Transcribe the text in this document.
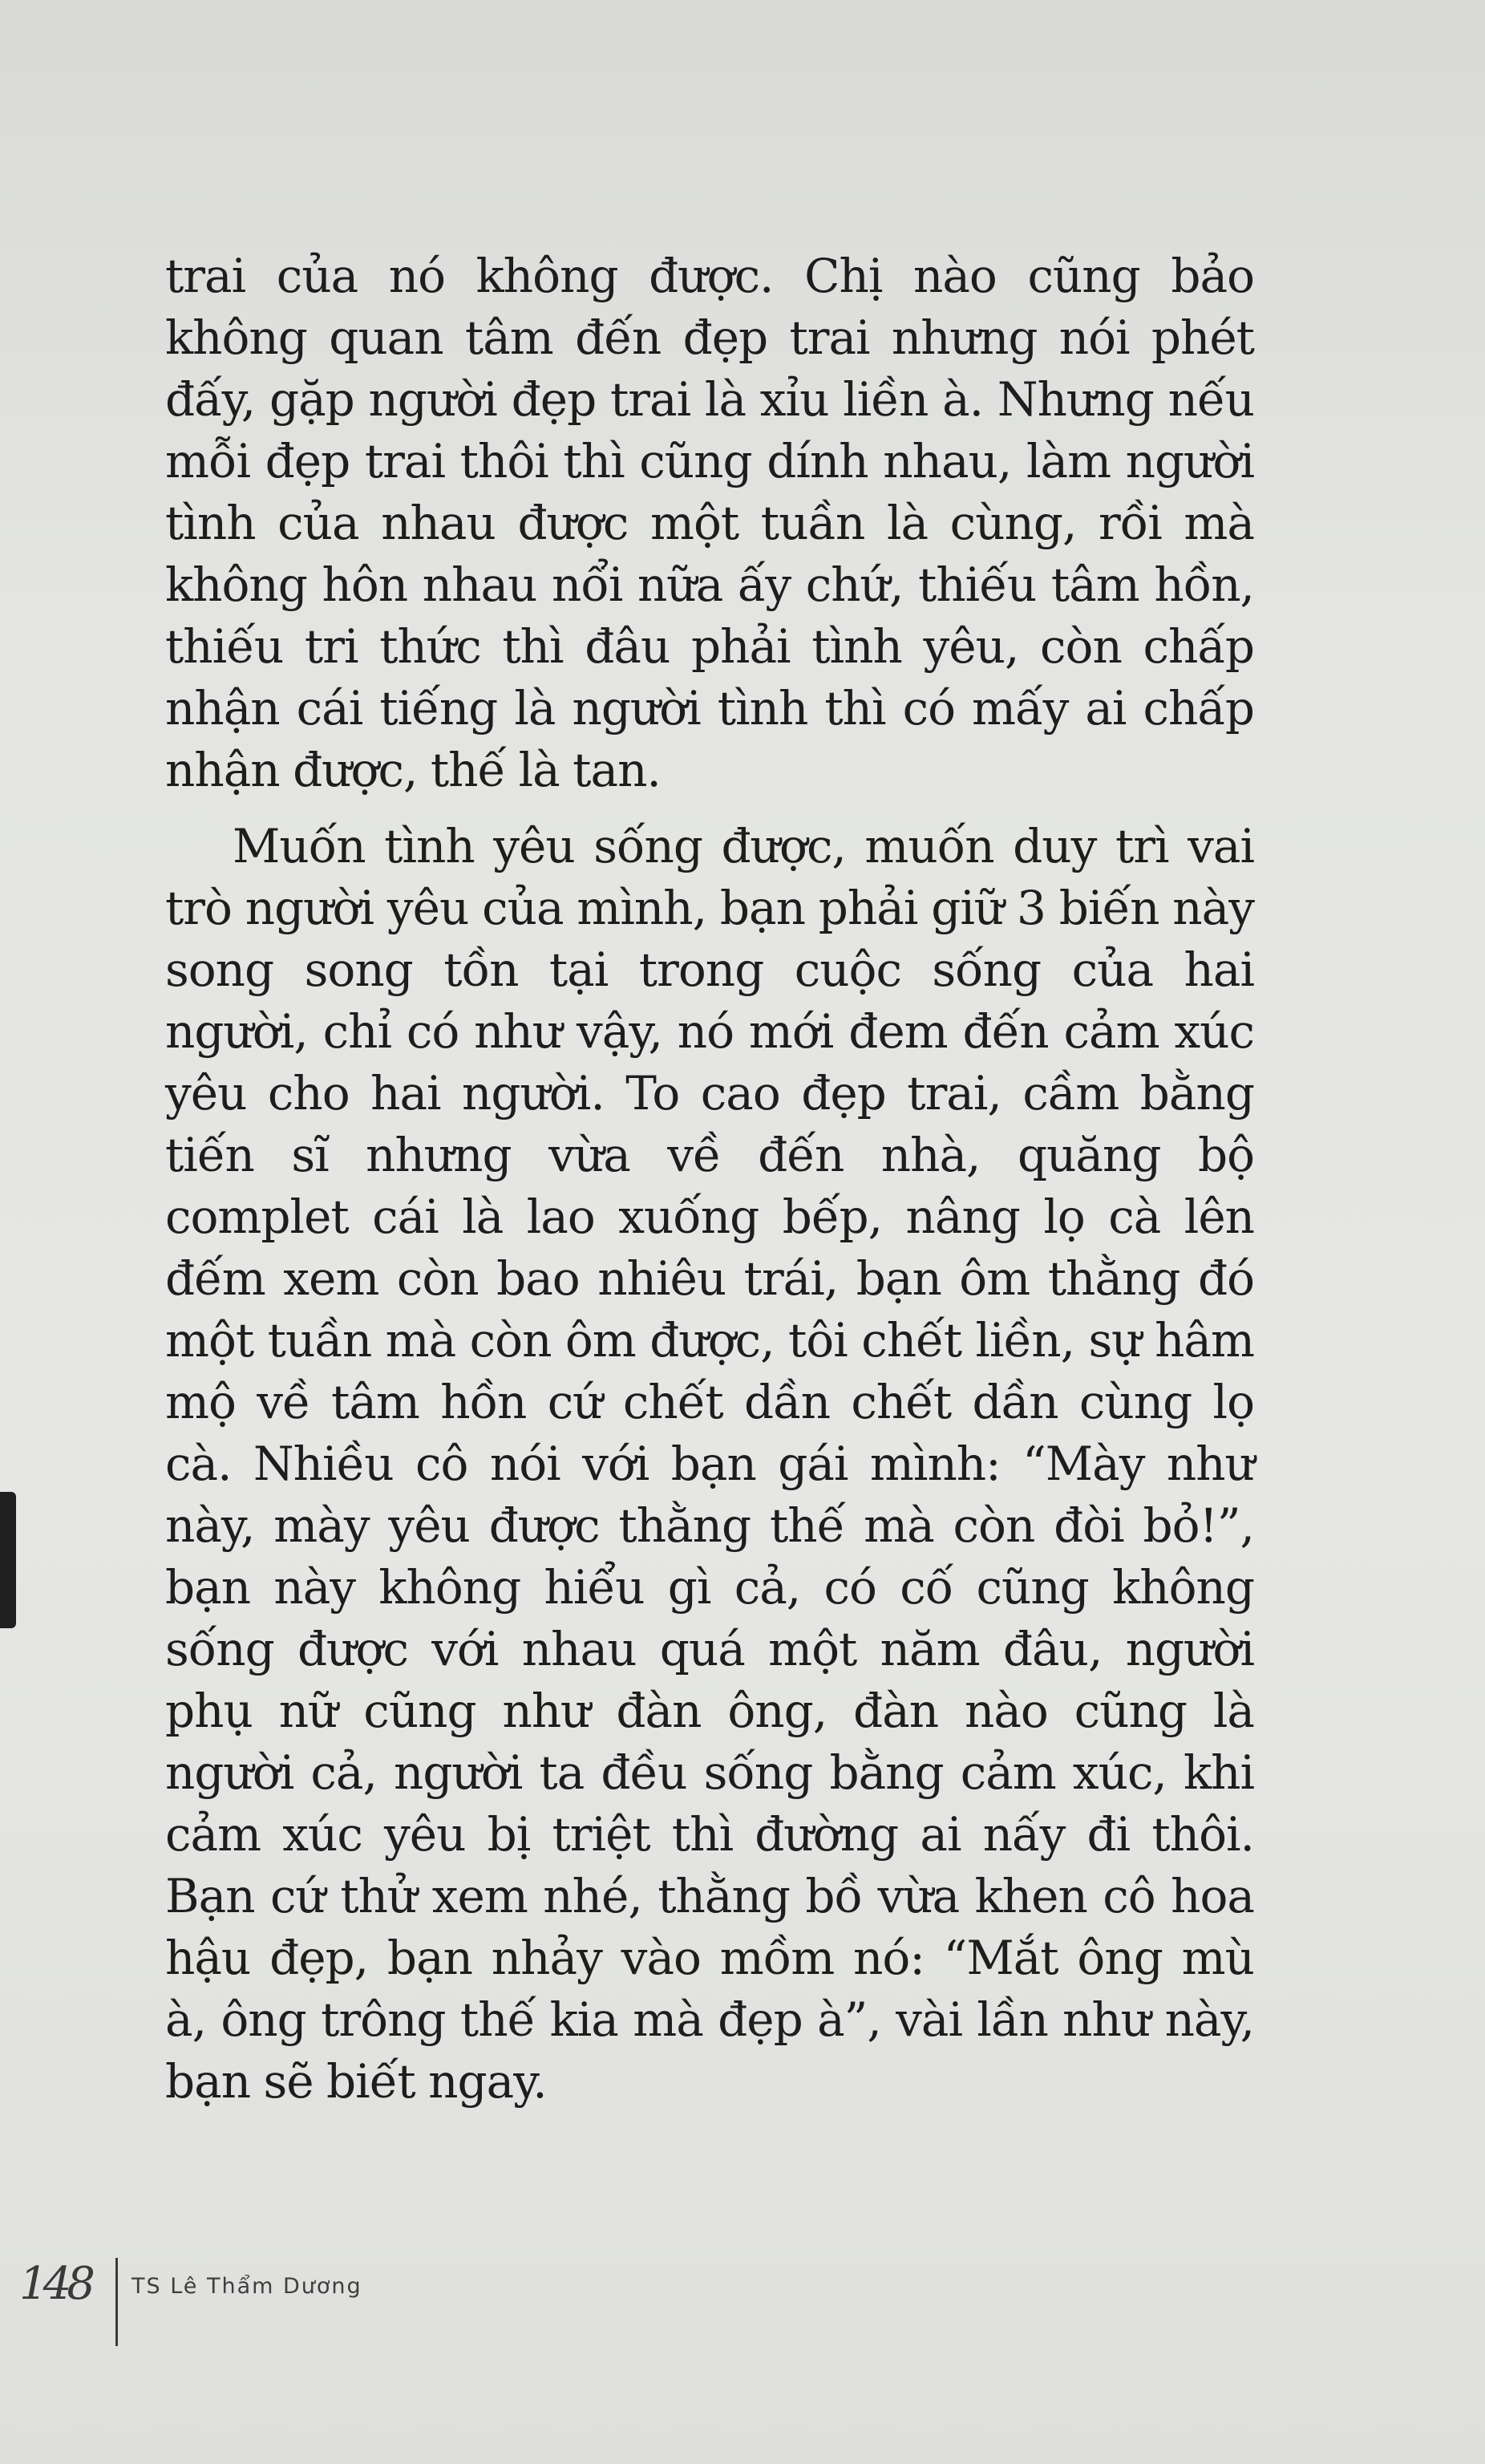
trai của nó không được. Chị nào cũng bảo không quan tâm đến đẹp trai nhưng nói phét đấy, gặp người đẹp trai là xỉu liền à. Nhưng nếu mỗi đẹp trai thôi thì cũng dính nhau, làm người tình của nhau được một tuần là cùng, rồi mà không hôn nhau nổi nữa ấy chứ, thiếu tâm hồn, thiếu tri thức thì đâu phải tình yêu, còn chấp nhận cái tiếng là người tình thì có mấy ai chấp nhận được, thế là tan.

Muốn tình yêu sống được, muốn duy trì vai trò người yêu của mình, bạn phải giữ 3 biến này song song tồn tại trong cuộc sống của hai người, chỉ có như vậy, nó mới đem đến cảm xúc yêu cho hai người. To cao đẹp trai, cầm bằng tiến sĩ nhưng vừa về đến nhà, quăng bộ complet cái là lao xuống bếp, nâng lọ cà lên đếm xem còn bao nhiêu trái, bạn ôm thằng đó một tuần mà còn ôm được, tôi chết liền, sự hâm mộ về tâm hồn cứ chết dần chết dần cùng lọ cà. Nhiều cô nói với bạn gái mình: “Mày như này, mày yêu được thằng thế mà còn đòi bỏ!”, bạn này không hiểu gì cả, có cố cũng không sống được với nhau quá một năm đâu, người phụ nữ cũng như đàn ông, đàn nào cũng là người cả, người ta đều sống bằng cảm xúc, khi cảm xúc yêu bị triệt thì đường ai nấy đi thôi. Bạn cứ thử xem nhé, thằng bồ vừa khen cô hoa hậu đẹp, bạn nhảy vào mồm nó: “Mắt ông mù à, ông trông thế kia mà đẹp à”, vài lần như này, bạn sẽ biết ngay.

148 TS Lê Thẩm Dương
